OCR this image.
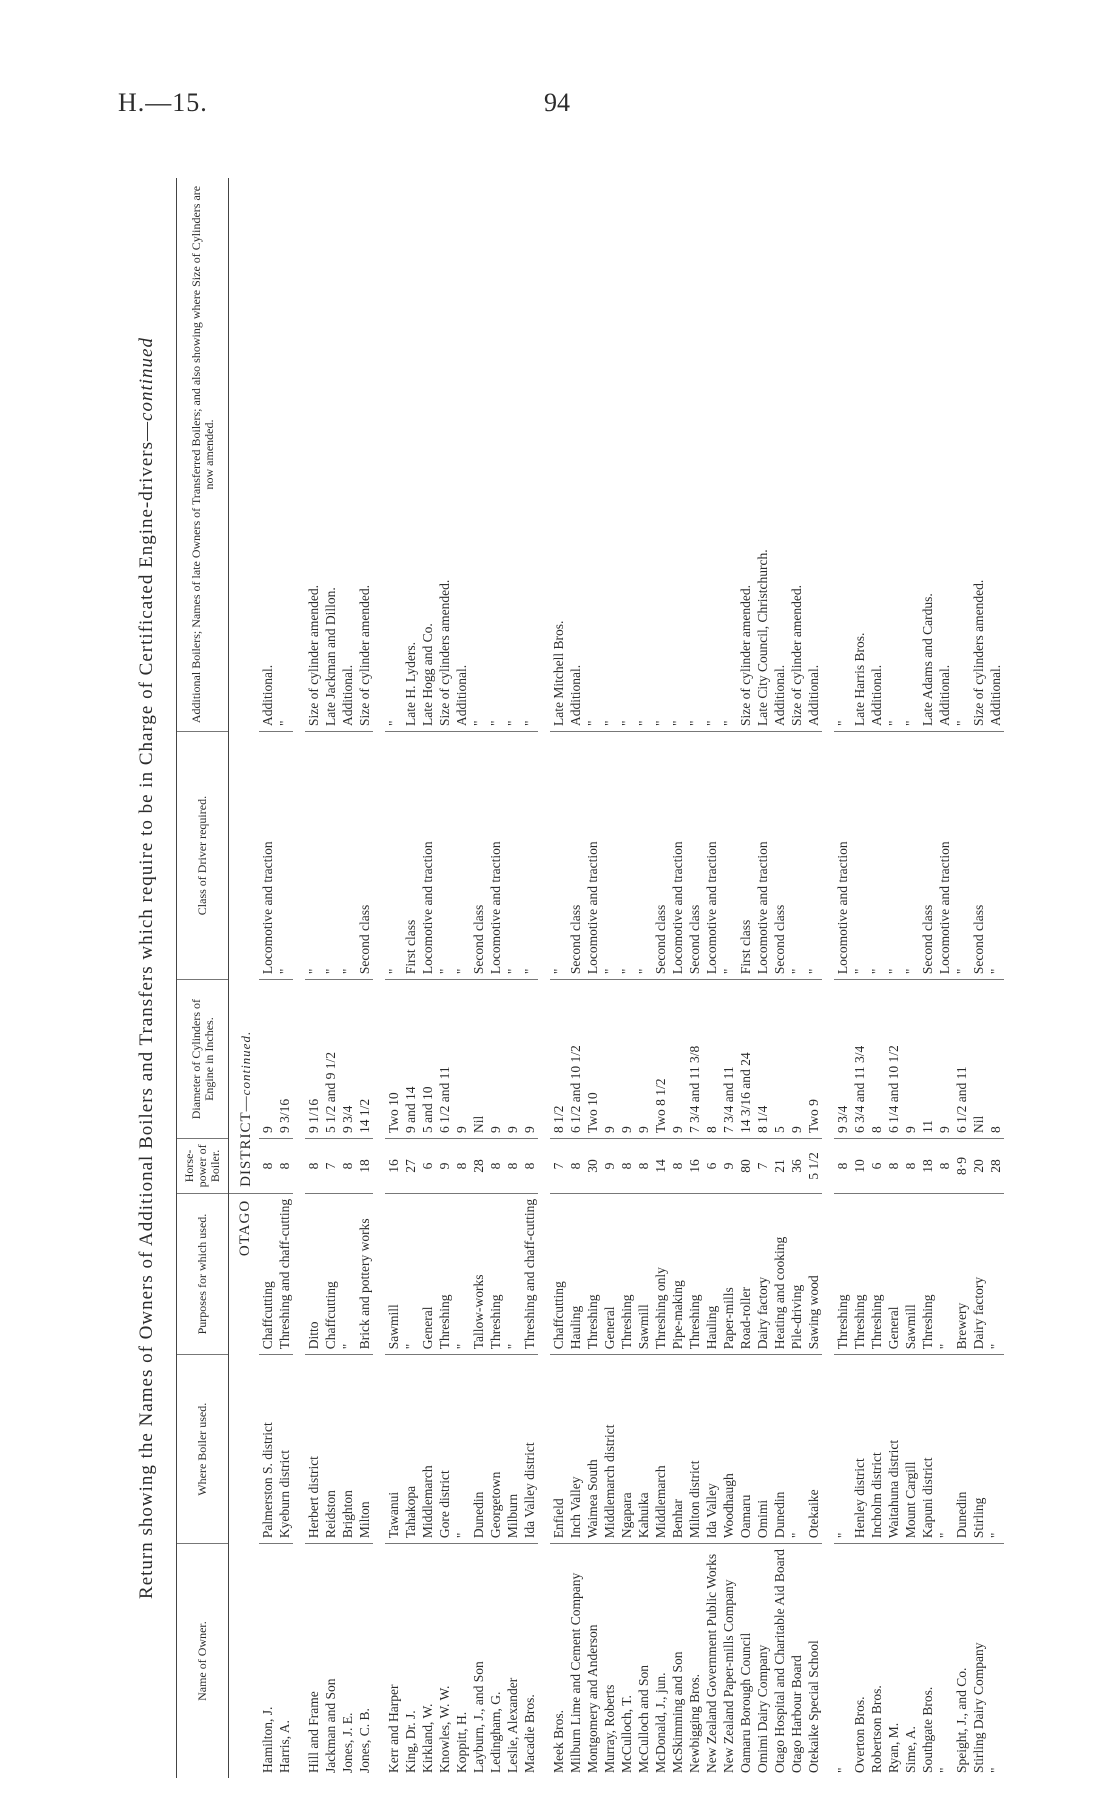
H.—15.	94
Return showing the Names of Owners of Additional Boilers and Transfers which require to be in Charge of Certificated Engine-drivers—continued
Name of Owner.	Where Boiler used.	Purposes for which used.	Horse-power of Boiler.	Diameter of Cylinders of Engine in Inches.	Class of Driver required.	Additional Boilers; Names of late Owners of Transferred Boilers; and also showing where Size of Cylinders are now amended.
OTAGO			DISTRICT—continued.			
Hamilton, J.	Palmerston S. district	Chaffcutting	8	9	Locomotive and traction	Additional.
Harris, A.	Kyeburn district	Threshing and chaff-cutting	8	9 3/16	"	"

Hill and Frame	Herbert district	Ditto	8	9 1/16	"	Size of cylinder amended.
Jackman and Son	Reidston	Chaffcutting	7	5 1/2 and 9 1/2	"	Late Jackman and Dillon.
Jones, J. E.	Brighton	"	8	9 3/4	"	Additional.
Jones, C. B.	Milton	Brick and pottery works	18	14 1/2	Second class	Size of cylinder amended.

Kerr and Harper	Tawanui	Sawmill	16	Two 10	"	"
King, Dr. J.	Tahakopa	"	27	9 and 14	First class	Late H. Lyders.
Kirkland, W.	Middlemarch	General	6	5 and 10	Locomotive and traction	Late Hogg and Co.
Knowles, W. W.	Gore district	Threshing	9	6 1/2 and 11	"	Size of cylinders amended.
Koppitt, H.	"	"	8	9	"	Additional.
Layburn, J., and Son	Dunedin	Tallow-works	28	Nil	Second class	"
Ledingham, G.	Georgetown	Threshing	8	9	Locomotive and traction	"
Leslie, Alexander	Milburn	"	8	9	"	"
Macadie Bros.	Ida Valley district	Threshing and chaff-cutting	8	9	"	"

Meek Bros.	Enfield	Chaffcutting	7	8 1/2	"	Late Mitchell Bros.
Milburn Lime and Cement Company	Inch Valley	Hauling	8	6 1/2 and 10 1/2	Second class	Additional.
Montgomery and Anderson	Waimea South	Threshing	30	Two 10	Locomotive and traction	"
Murray, Roberts	Middlemarch district	General	9	9	"	"
McCulloch, T.	Ngapara	Threshing	8	9	"	"
McCulloch and Son	Kahuika	Sawmill	8	9	"	"
McDonald, J., jun.	Middlemarch	Threshing only	14	Two 8 1/2	Second class	"
McSkimming and Son	Benhar	Pipe-making	8	9	Locomotive and traction	"
Newbigging Bros.	Milton district	Threshing	16	7 3/4 and 11 3/8	Second class	"
New Zealand Government Public Works	Ida Valley	Hauling	6	8	Locomotive and traction	"
New Zealand Paper-mills Company	Woodhaugh	Paper-mills	9	7 3/4 and 11	"	"
Oamaru Borough Council	Oamaru	Road-roller	80	14 3/16 and 24	First class	Size of cylinder amended.
Omimi Dairy Company	Omimi	Dairy factory	7	8 1/4	Locomotive and traction	Late City Council, Christchurch.
Otago Hospital and Charitable Aid Board	Dunedin	Heating and cooking	21	5	Second class	Additional.
Otago Harbour Board	"	Pile-driving	36	9	"	Size of cylinder amended.
Otekaike Special School	Otekaike	Sawing wood	5 1/2	Two 9	"	Additional.

"	"	Threshing	8	9 3/4	Locomotive and traction	"
Overton Bros.	Henley district	Threshing	10	6 3/4 and 11 3/4	"	Late Harris Bros.
Robertson Bros.	Incholm district	Threshing	6	8	"	Additional.
Ryan, M.	Waitahuna district	General	8	6 1/4 and 10 1/2	"	"
Sime, A.	Mount Cargill	Sawmill	8	9	"	"
Southgate Bros.	Kapuni district	Threshing	18	11	Second class	Late Adams and Cardus.
"	"	"	8	9	Locomotive and traction	Additional.
Speight, J., and Co.	Dunedin	Brewery	8·9	6 1/2 and 11	"	"
Stirling Dairy Company	Stirling	Dairy factory	20	Nil	Second class	Size of cylinders amended.
"	"	"	28	8	"	Additional.
